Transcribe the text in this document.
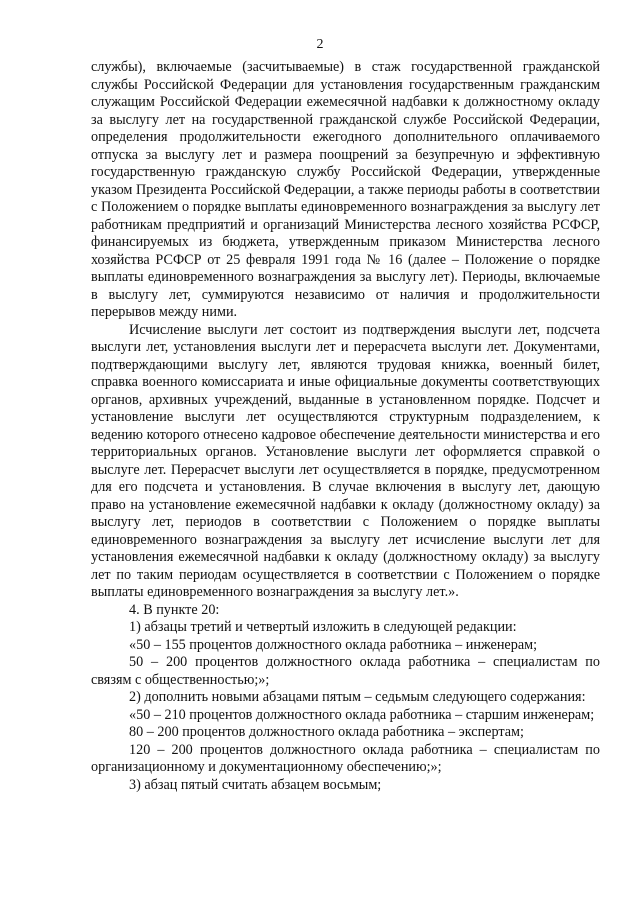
2

службы), включаемые (засчитываемые) в стаж государственной гражданской службы Российской Федерации для установления государственным гражданским служащим Российской Федерации ежемесячной надбавки к должностному окладу за выслугу лет на государственной гражданской службе Российской Федерации, определения продолжительности ежегодного дополнительного оплачиваемого отпуска за выслугу лет и размера поощрений за безупречную и эффективную государственную гражданскую службу Российской Федерации, утвержденные указом Президента Российской Федерации, а также периоды работы в соответствии с Положением о порядке выплаты единовременного вознаграждения за выслугу лет работникам предприятий и организаций Министерства лесного хозяйства РСФСР, финансируемых из бюджета, утвержденным приказом Министерства лесного хозяйства РСФСР от 25 февраля 1991 года № 16 (далее – Положение о порядке выплаты единовременного вознаграждения за выслугу лет). Периоды, включаемые в выслугу лет, суммируются независимо от наличия и продолжительности перерывов между ними.

Исчисление выслуги лет состоит из подтверждения выслуги лет, подсчета выслуги лет, установления выслуги лет и перерасчета выслуги лет. Документами, подтверждающими выслугу лет, являются трудовая книжка, военный билет, справка военного комиссариата и иные официальные документы соответствующих органов, архивных учреждений, выданные в установленном порядке. Подсчет и установление выслуги лет осуществляются структурным подразделением, к ведению которого отнесено кадровое обеспечение деятельности министерства и его территориальных органов. Установление выслуги лет оформляется справкой о выслуге лет. Перерасчет выслуги лет осуществляется в порядке, предусмотренном для его подсчета и установления. В случае включения в выслугу лет, дающую право на установление ежемесячной надбавки к окладу (должностному окладу) за выслугу лет, периодов в соответствии с Положением о порядке выплаты единовременного вознаграждения за выслугу лет исчисление выслуги лет для установления ежемесячной надбавки к окладу (должностному окладу) за выслугу лет по таким периодам осуществляется в соответствии с Положением о порядке выплаты единовременного вознаграждения за выслугу лет.».

4. В пункте 20:

1) абзацы третий и четвертый изложить в следующей редакции:

«50 – 155 процентов должностного оклада работника – инженерам;

50 – 200 процентов должностного оклада работника – специалистам по связям с общественностью;»;

2) дополнить новыми абзацами пятым – седьмым следующего содержания:

«50 – 210 процентов должностного оклада работника – старшим инженерам;

80 – 200 процентов должностного оклада работника – экспертам;

120 – 200 процентов должностного оклада работника – специалистам по организационному и документационному обеспечению;»;

3) абзац пятый считать абзацем восьмым;
